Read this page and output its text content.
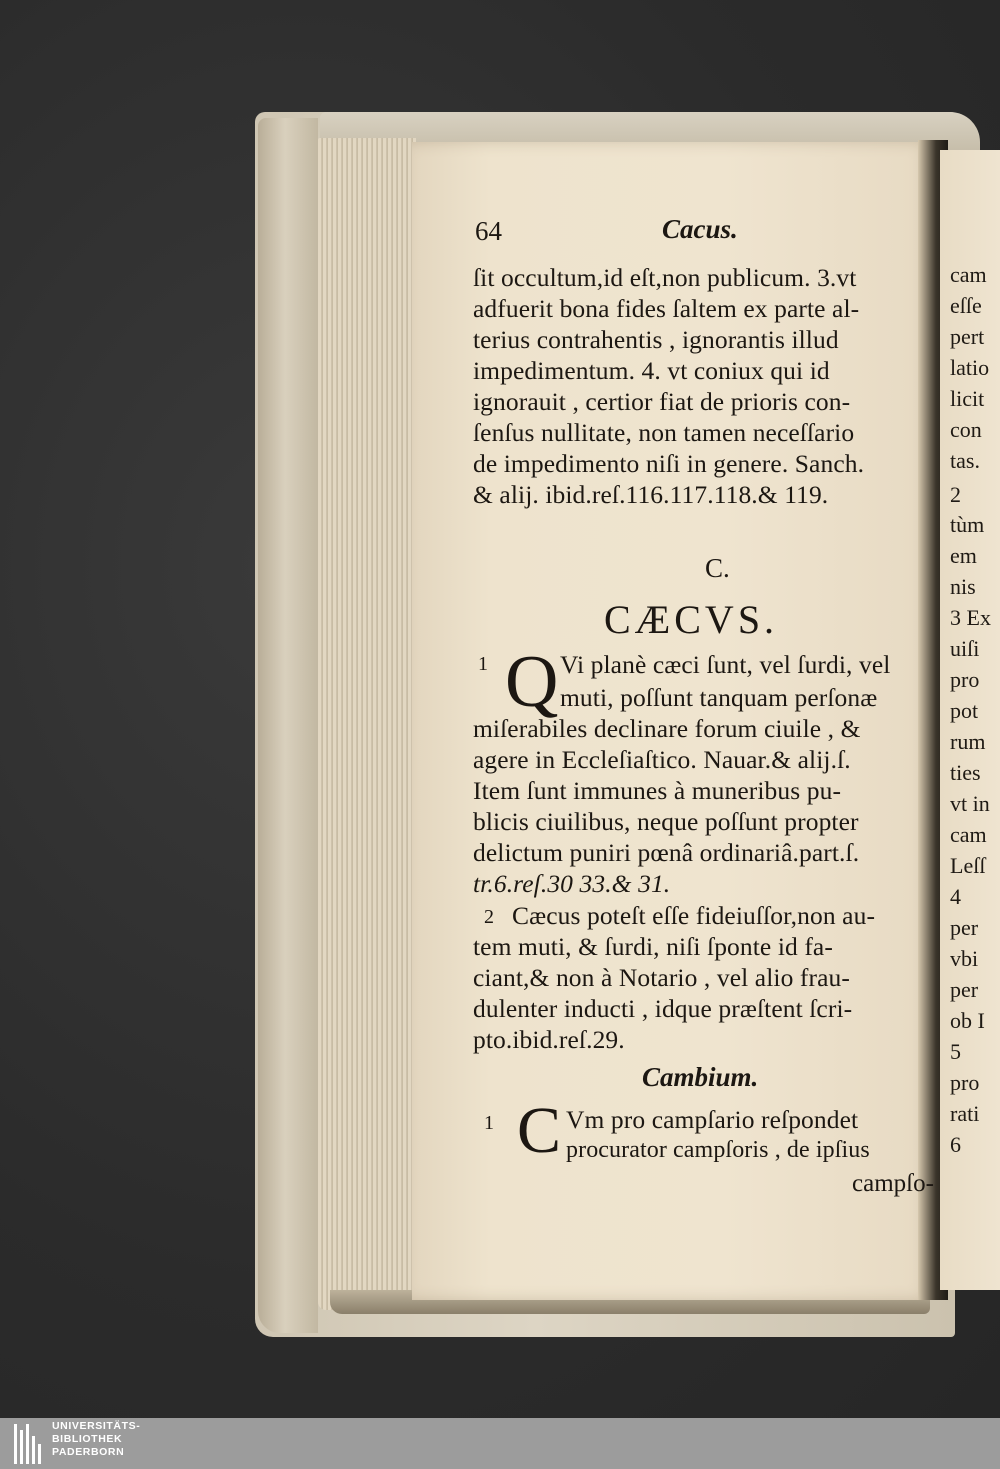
64	Cacus.
ſit occultum,id eſt,non publicum. 3.vt
adfuerit bona fides ſaltem ex parte al-
terius contrahentis , ignorantis illud
impedimentum. 4. vt coniux qui id
ignorauit , certior fiat de prioris con-
ſenſus nullitate, non tamen neceſſario
de impedimento niſi in genere. Sanch.
& alij. ibid.reſ.116.117.118.& 119.
C.
CÆCVS.
1 Q Vi planè cæci ſunt, vel ſurdi, vel
muti, poſſunt tanquam perſonæ
miſerabiles declinare forum ciuile , &
agere in Eccleſiaſtico. Nauar.& alij.ſ.
Item ſunt immunes à muneribus pu-
blicis ciuilibus, neque poſſunt propter
delictum puniri pœnâ ordinariâ.part.ſ.
tr.6.reſ.30 33.& 31.
2 Cæcus poteſt eſſe fideiuſſor,non au-
tem muti, & ſurdi, niſi ſponte id fa-
ciant,& non à Notario , vel alio frau-
dulenter inducti , idque præſtent ſcri-
pto.ibid.reſ.29.
Cambium.
1 C Vm pro campſario reſpondet
procurator campſoris , de ipſius
campſo-
cam
eſſe
pert
latio
licit
con
tas.
2
tùm
em
nis
3 Ex
uiſi
pro
pot
rum
ties
vt in
cam
Leſſ
4
per
vbi
per
ob I
5
pro
rati
6
UNIVERSITÄTS-
BIBLIOTHEK
PADERBORN
